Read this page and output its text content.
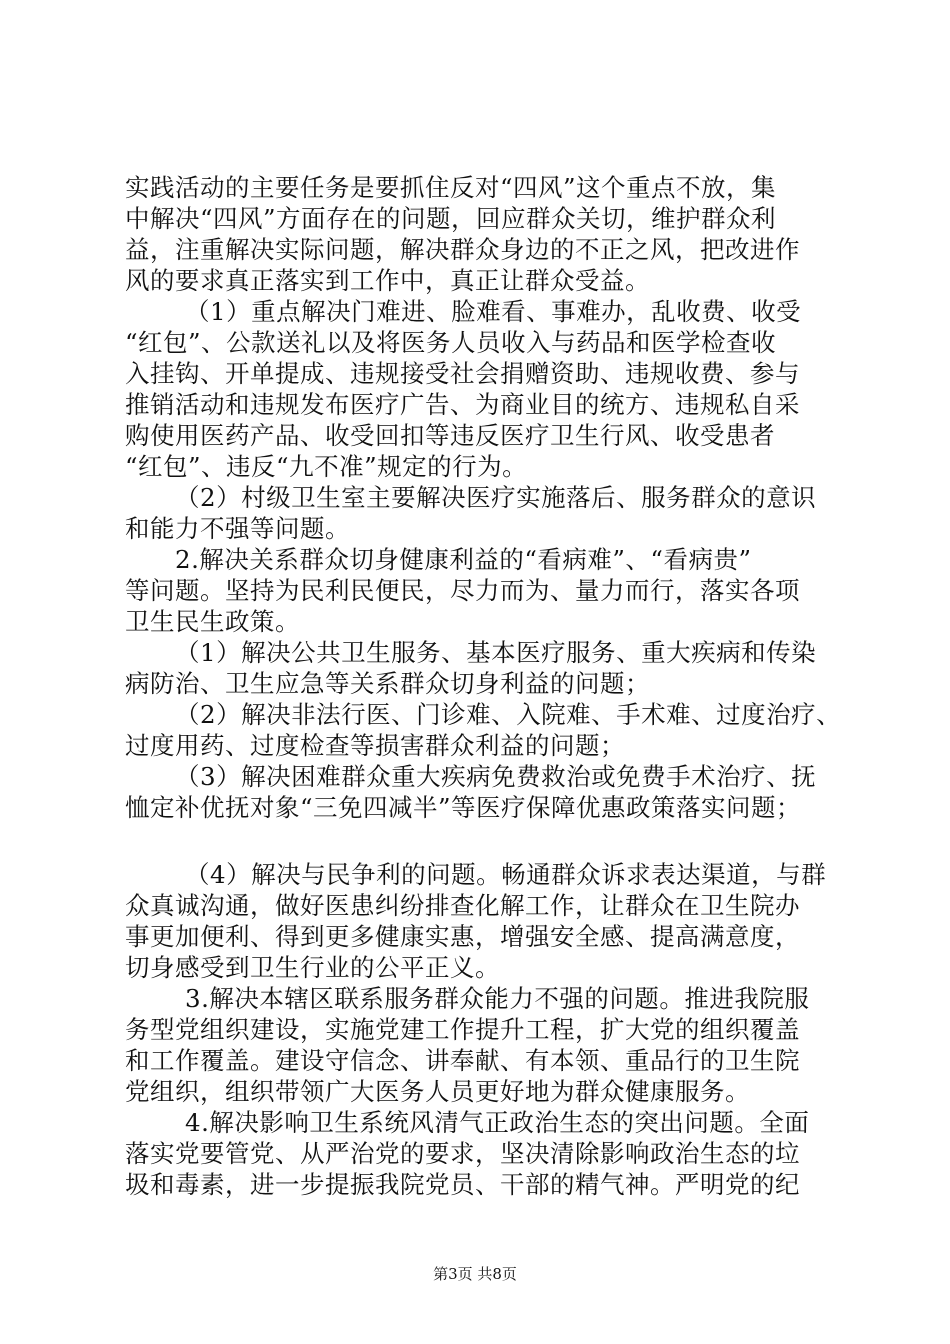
实践活动的主要任务是要抓住反对“四风”这个重点不放，集
中解决“四风”方面存在的问题，回应群众关切，维护群众利
益，注重解决实际问题，解决群众身边的不正之风，把改进作
风的要求真正落实到工作中，真正让群众受益。
（1）重点解决门难进、脸难看、事难办，乱收费、收受
“红包”、公款送礼以及将医务人员收入与药品和医学检查收
入挂钩、开单提成、违规接受社会捐赠资助、违规收费、参与
推销活动和违规发布医疗广告、为商业目的统方、违规私自采
购使用医药产品、收受回扣等违反医疗卫生行风、收受患者
“红包”、违反“九不准”规定的行为。
（2）村级卫生室主要解决医疗实施落后、服务群众的意识
和能力不强等问题。
2.解决关系群众切身健康利益的“看病难”、“看病贵”
等问题。坚持为民利民便民，尽力而为、量力而行，落实各项
卫生民生政策。
（1）解决公共卫生服务、基本医疗服务、重大疾病和传染
病防治、卫生应急等关系群众切身利益的问题；
（2）解决非法行医、门诊难、入院难、手术难、过度治疗、
过度用药、过度检查等损害群众利益的问题；
（3）解决困难群众重大疾病免费救治或免费手术治疗、抚
恤定补优抚对象“三免四减半”等医疗保障优惠政策落实问题；
（4）解决与民争利的问题。畅通群众诉求表达渠道，与群
众真诚沟通，做好医患纠纷排查化解工作，让群众在卫生院办
事更加便利、得到更多健康实惠，增强安全感、提高满意度，
切身感受到卫生行业的公平正义。
3.解决本辖区联系服务群众能力不强的问题。推进我院服
务型党组织建设，实施党建工作提升工程，扩大党的组织覆盖
和工作覆盖。建设守信念、讲奉献、有本领、重品行的卫生院
党组织，组织带领广大医务人员更好地为群众健康服务。
4.解决影响卫生系统风清气正政治生态的突出问题。全面
落实党要管党、从严治党的要求，坚决清除影响政治生态的垃
圾和毒素，进一步提振我院党员、干部的精气神。严明党的纪
第3页 共8页
